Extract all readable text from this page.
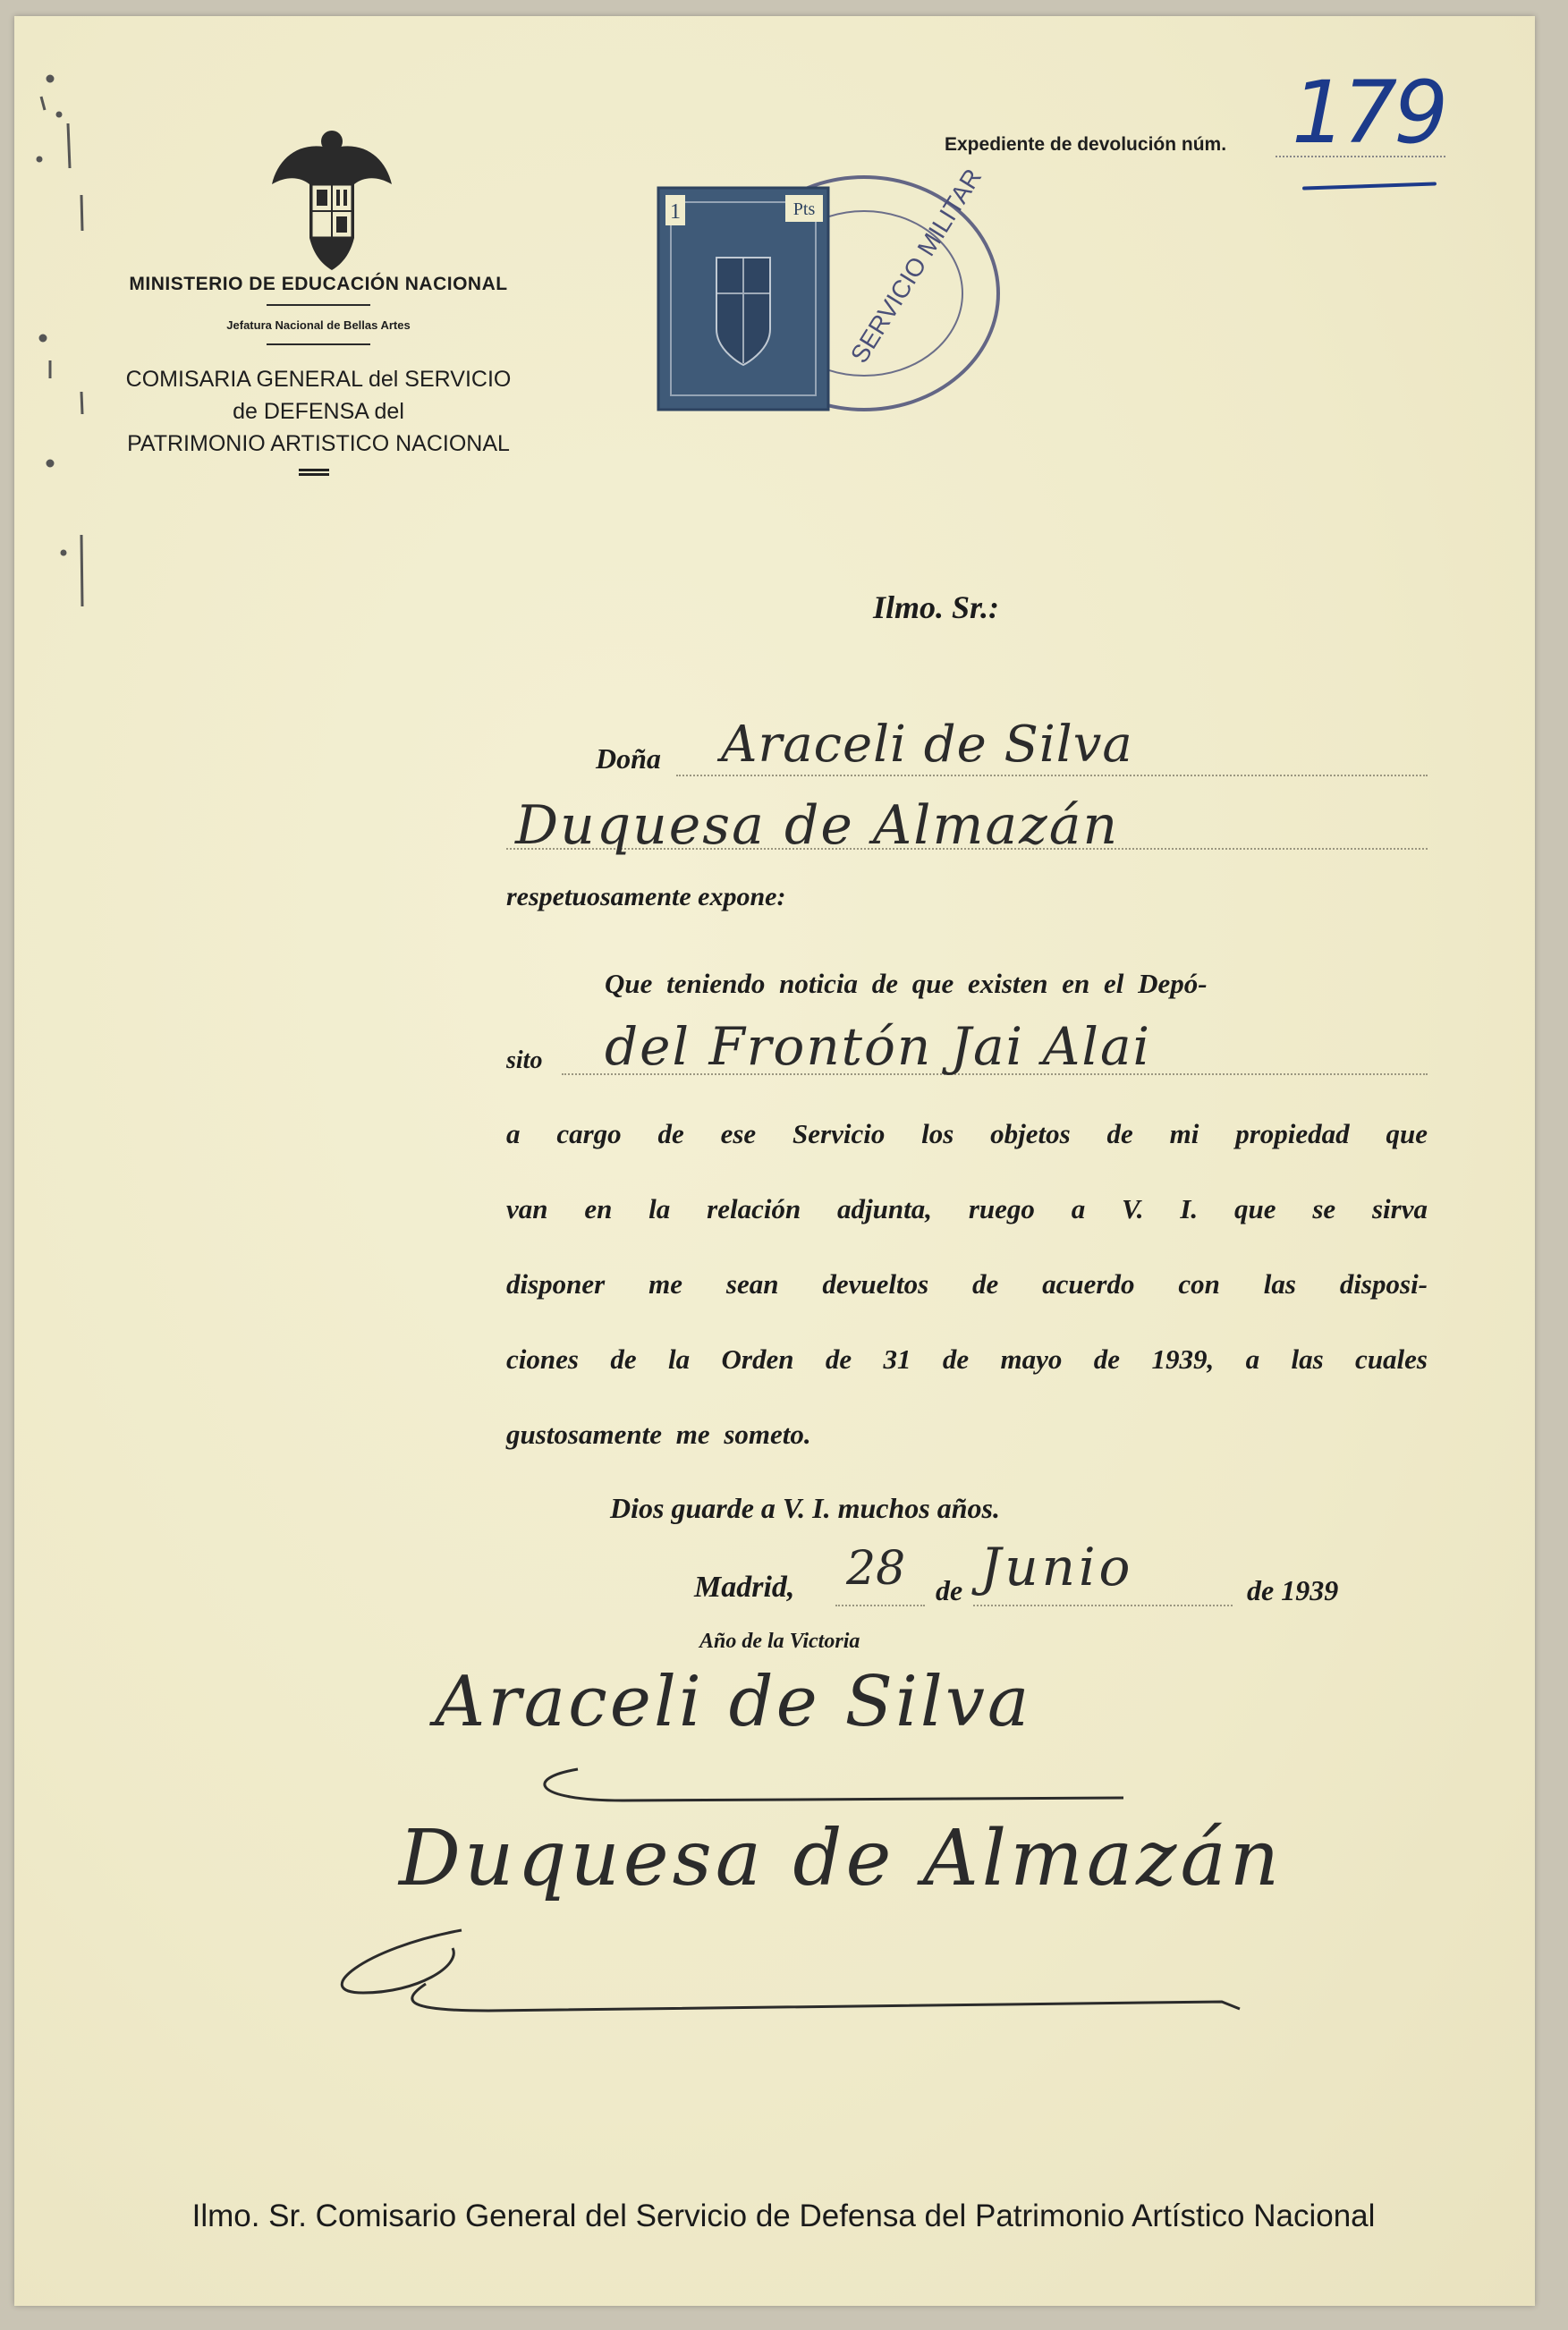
MINISTERIO DE EDUCACIÓN NACIONAL
Jefatura Nacional de Bellas Artes
COMISARIA GENERAL del SERVICIO
de DEFENSA del
PATRIMONIO ARTISTICO NACIONAL
Expediente de devolución núm. 179
1	Pts SERVICIO MILITAR
Ilmo. Sr.:
Doña Araceli de Silva
Duquesa de Almazán
respetuosamente expone:
Que teniendo noticia de que existen en el Depó-
sito del Frontón Jai Alai
a cargo de ese Servicio los objetos de mi propiedad que
van en la relación adjunta, ruego a V. I. que se sirva
disponer me sean devueltos de acuerdo con las disposi-
ciones de la Orden de 31 de mayo de 1939, a las cuales
gustosamente me someto.
Dios guarde a V. I. muchos años.
Madrid, 28 de Junio	de 1939
Año de la Victoria
Araceli de Silva
Duquesa de Almazán
Ilmo. Sr. Comisario General del Servicio de Defensa del Patrimonio Artístico Nacional
